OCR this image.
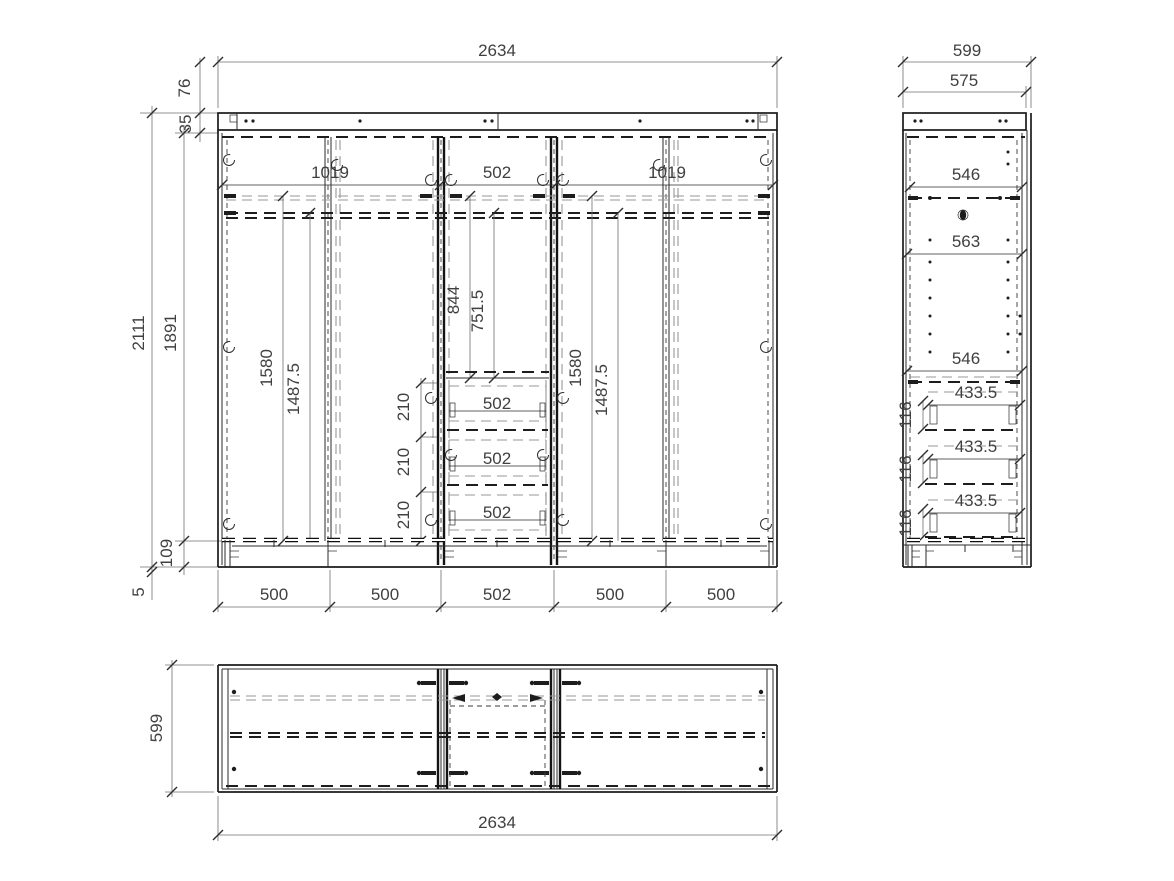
2634
76
35
2111
5
1891
109
1019	502	1019
1580 1487.5	1580 1487.5
844 751.5
502
502
502
210
210
210
500	500	502	500	500
599
575
546
563
546
433.5
116
433.5
116
433.5
116
599
2634
